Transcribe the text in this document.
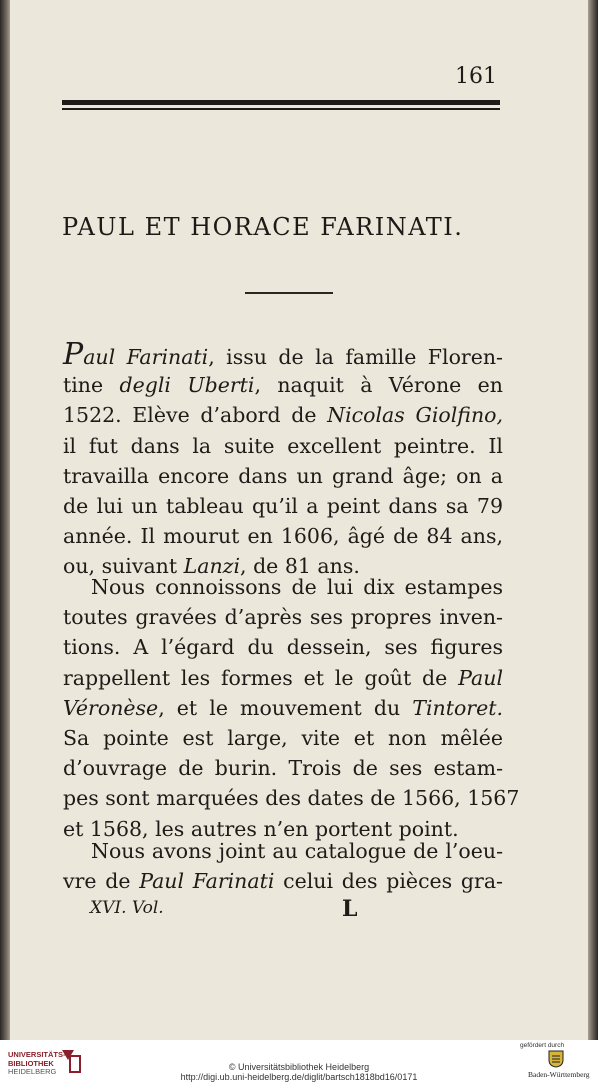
161
PAUL ET HORACE FARINATI.
Paul Farinati, issu de la famille Floren-
tine degli Uberti, naquit à Vérone en
1522. Elève d’abord de Nicolas Giolfino,
il fut dans la suite excellent peintre. Il
travailla encore dans un grand âge; on a
de lui un tableau qu’il a peint dans sa 79
année. Il mourut en 1606, âgé de 84 ans,
ou, suivant Lanzi, de 81 ans.
Nous connoissons de lui dix estampes
toutes gravées d’après ses propres inven-
tions. A l’égard du dessein, ses figures
rappellent les formes et le goût de Paul
Véronèse, et le mouvement du Tintoret.
Sa pointe est large, vite et non mêlée
d’ouvrage de burin. Trois de ses estam-
pes sont marquées des dates de 1566, 1567
et 1568, les autres n’en portent point.
Nous avons joint au catalogue de l’oeu-
vre de Paul Farinati celui des pièces gra-
XVI. Vol.	L
UNIVERSITÄTS-
BIBLIOTHEK
HEIDELBERG	© Universitätsbibliothek Heidelberg
http://digi.ub.uni-heidelberg.de/diglit/bartsch1818bd16/0171
gefördert durch
Baden-Württemberg
